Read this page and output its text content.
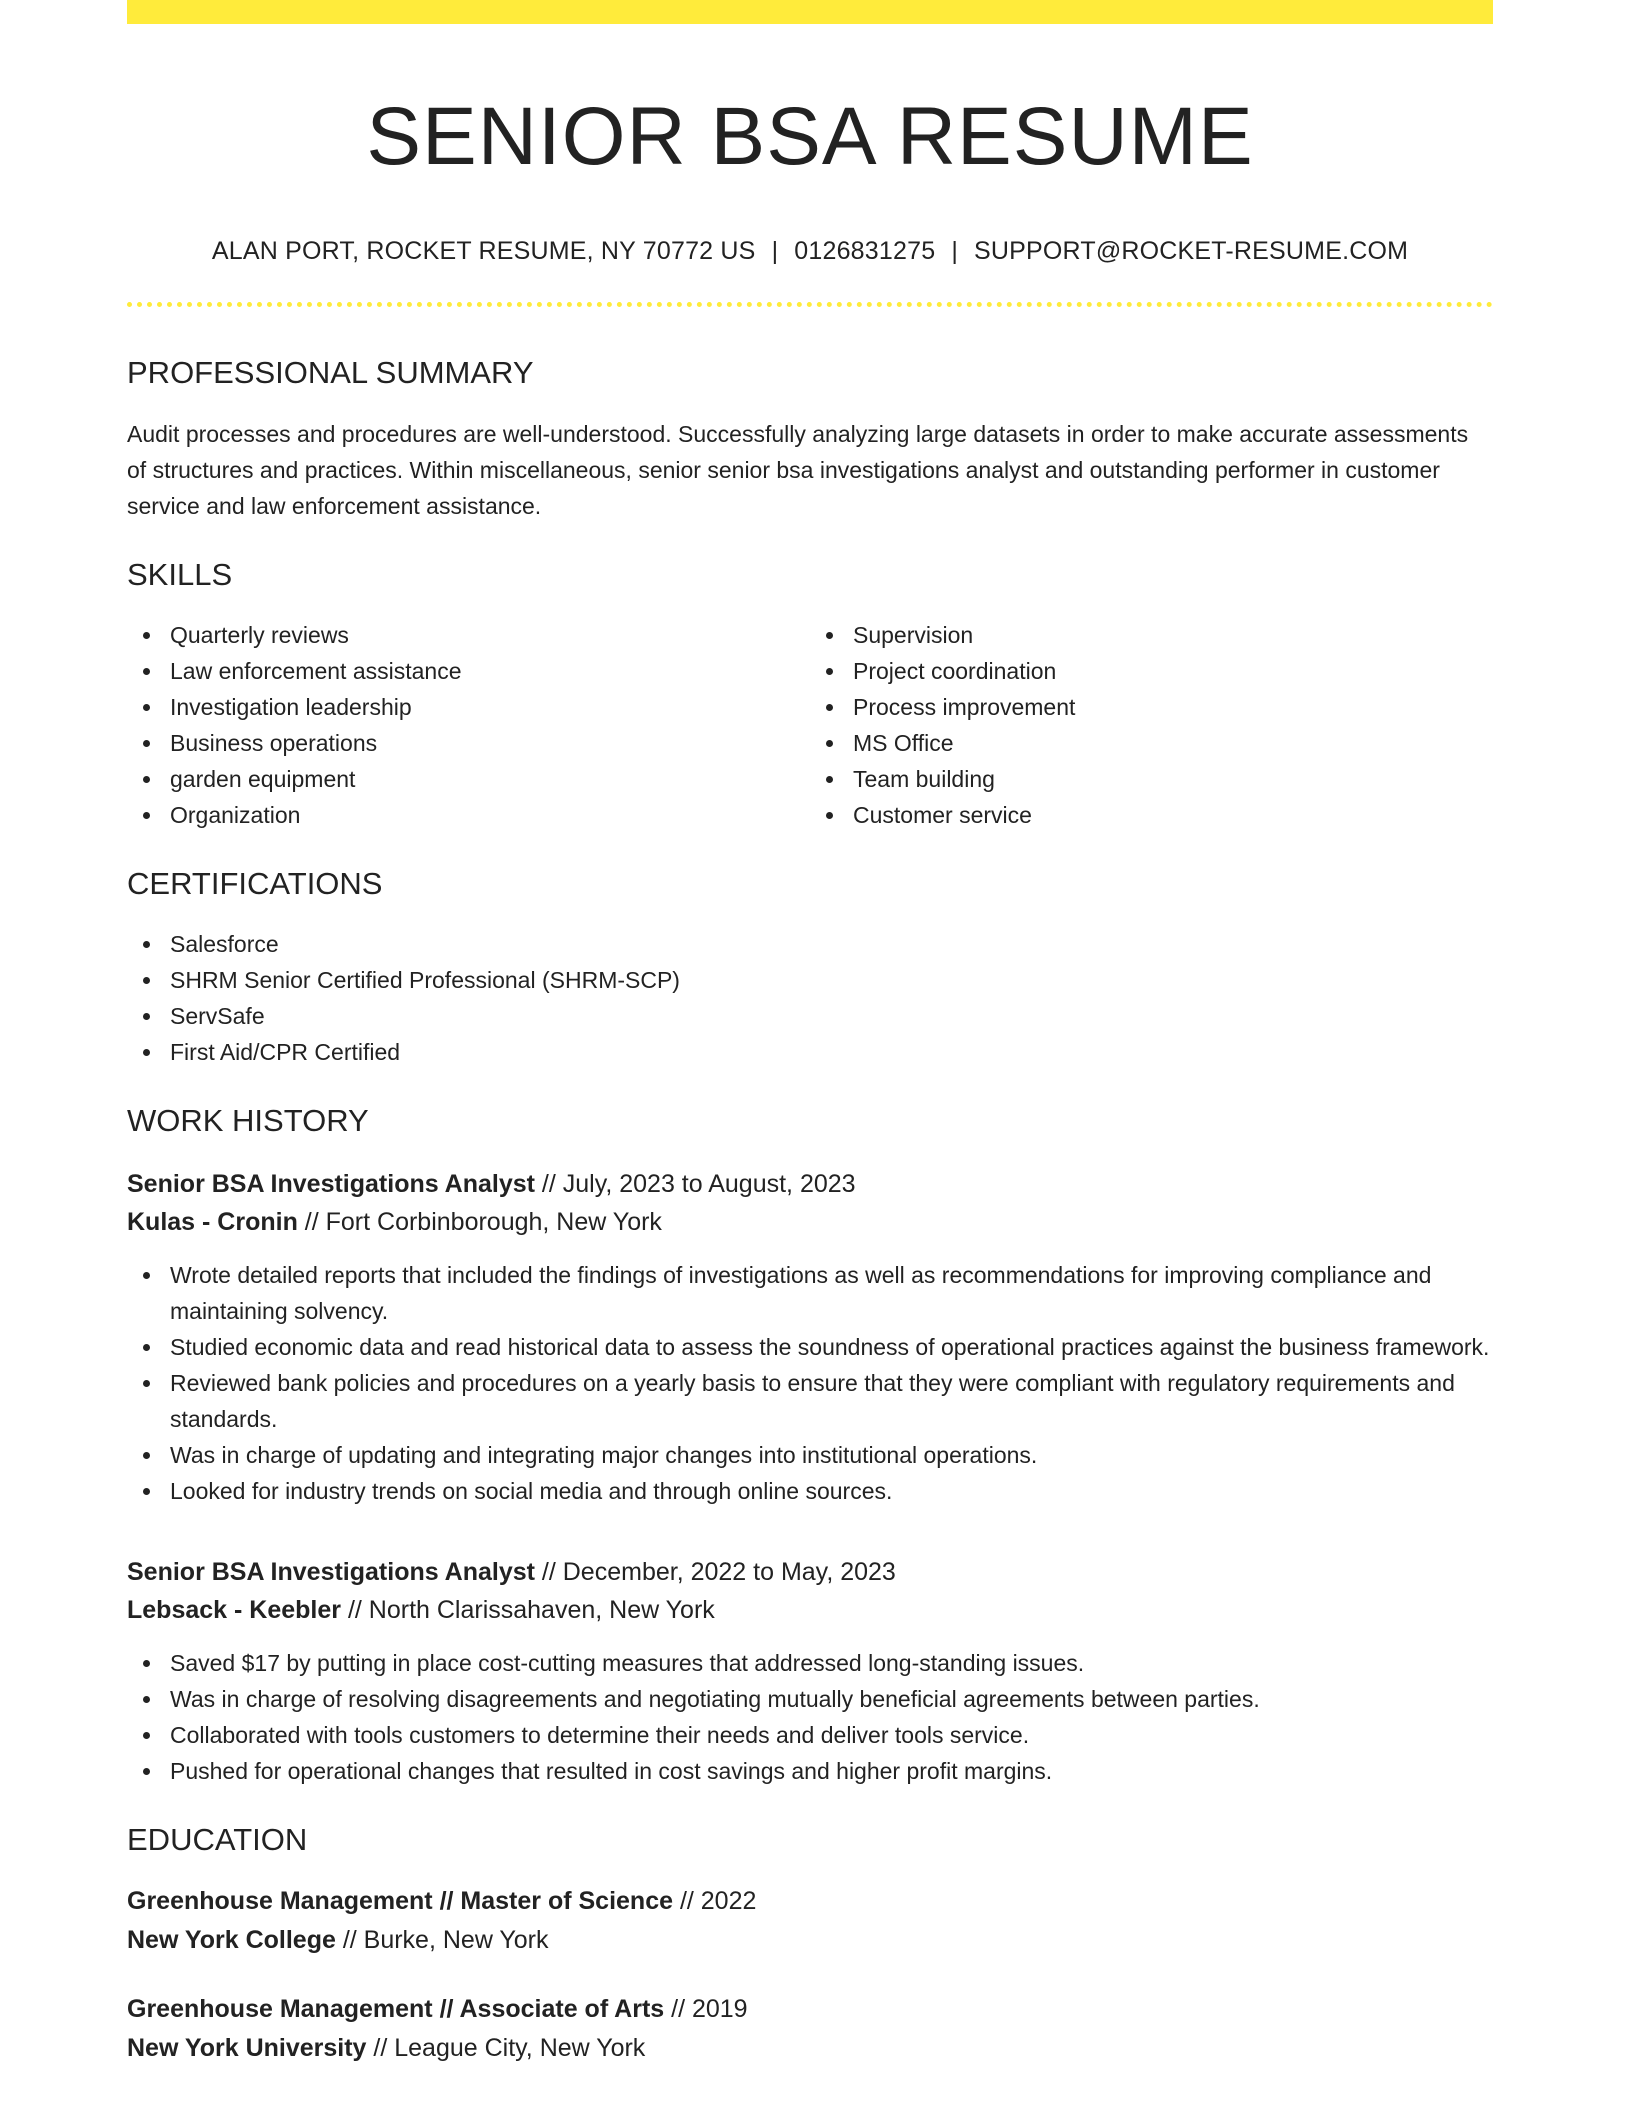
SENIOR BSA RESUME
ALAN PORT, ROCKET RESUME, NY 70772 US | 0126831275 | SUPPORT@ROCKET-RESUME.COM
PROFESSIONAL SUMMARY
Audit processes and procedures are well-understood. Successfully analyzing large datasets in order to make accurate assessments of structures and practices. Within miscellaneous, senior senior bsa investigations analyst and outstanding performer in customer service and law enforcement assistance.
SKILLS
Quarterly reviews
Law enforcement assistance
Investigation leadership
Business operations
garden equipment
Organization
Supervision
Project coordination
Process improvement
MS Office
Team building
Customer service
CERTIFICATIONS
Salesforce
SHRM Senior Certified Professional (SHRM-SCP)
ServSafe
First Aid/CPR Certified
WORK HISTORY
Senior BSA Investigations Analyst // July, 2023 to August, 2023
Kulas - Cronin // Fort Corbinborough, New York
Wrote detailed reports that included the findings of investigations as well as recommendations for improving compliance and maintaining solvency.
Studied economic data and read historical data to assess the soundness of operational practices against the business framework.
Reviewed bank policies and procedures on a yearly basis to ensure that they were compliant with regulatory requirements and standards.
Was in charge of updating and integrating major changes into institutional operations.
Looked for industry trends on social media and through online sources.
Senior BSA Investigations Analyst // December, 2022 to May, 2023
Lebsack - Keebler // North Clarissahaven, New York
Saved $17 by putting in place cost-cutting measures that addressed long-standing issues.
Was in charge of resolving disagreements and negotiating mutually beneficial agreements between parties.
Collaborated with tools customers to determine their needs and deliver tools service.
Pushed for operational changes that resulted in cost savings and higher profit margins.
EDUCATION
Greenhouse Management // Master of Science // 2022
New York College // Burke, New York
Greenhouse Management // Associate of Arts // 2019
New York University // League City, New York
